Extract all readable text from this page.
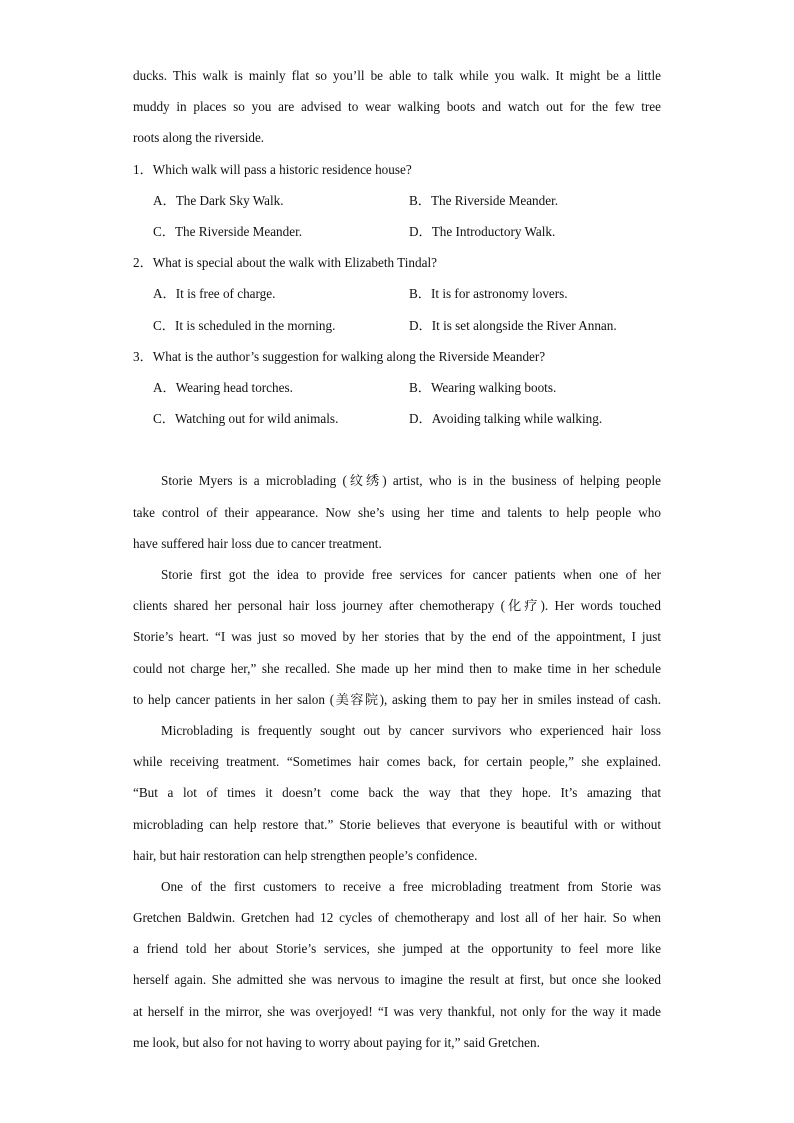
ducks. This walk is mainly flat so you’ll be able to talk while you walk. It might be a little
muddy in places so you are advised to wear walking boots and watch out for the few tree
roots along the riverside.
1．Which walk will pass a historic residence house?
A．The Dark Sky Walk.	B．The Riverside Meander.
C．The Riverside Meander.	D．The Introductory Walk.
2．What is special about the walk with Elizabeth Tindal?
A．It is free of charge.	B．It is for astronomy lovers.
C．It is scheduled in the morning.	D．It is set alongside the River Annan.
3．What is the author’s suggestion for walking along the Riverside Meander?
A．Wearing head torches.	B．Wearing walking boots.
C．Watching out for wild animals.	D．Avoiding talking while walking.
Storie Myers is a microblading (纹绣) artist, who is in the business of helping people
take control of their appearance. Now she’s using her time and talents to help people who
have suffered hair loss due to cancer treatment.
Storie first got the idea to provide free services for cancer patients when one of her
clients shared her personal hair loss journey after chemotherapy (化疗). Her words touched
Storie’s heart. “I was just so moved by her stories that by the end of the appointment, I just
could not charge her,” she recalled. She made up her mind then to make time in her schedule
to help cancer patients in her salon (美容院), asking them to pay her in smiles instead of cash.
Microblading is frequently sought out by cancer survivors who experienced hair loss
while receiving treatment. “Sometimes hair comes back, for certain people,” she explained.
“But a lot of times it doesn’t come back the way that they hope. It’s amazing that
microblading can help restore that.” Storie believes that everyone is beautiful with or without
hair, but hair restoration can help strengthen people’s confidence.
One of the first customers to receive a free microblading treatment from Storie was
Gretchen Baldwin. Gretchen had 12 cycles of chemotherapy and lost all of her hair. So when
a friend told her about Storie’s services, she jumped at the opportunity to feel more like
herself again. She admitted she was nervous to imagine the result at first, but once she looked
at herself in the mirror, she was overjoyed! “I was very thankful, not only for the way it made
me look, but also for not having to worry about paying for it,” said Gretchen.
